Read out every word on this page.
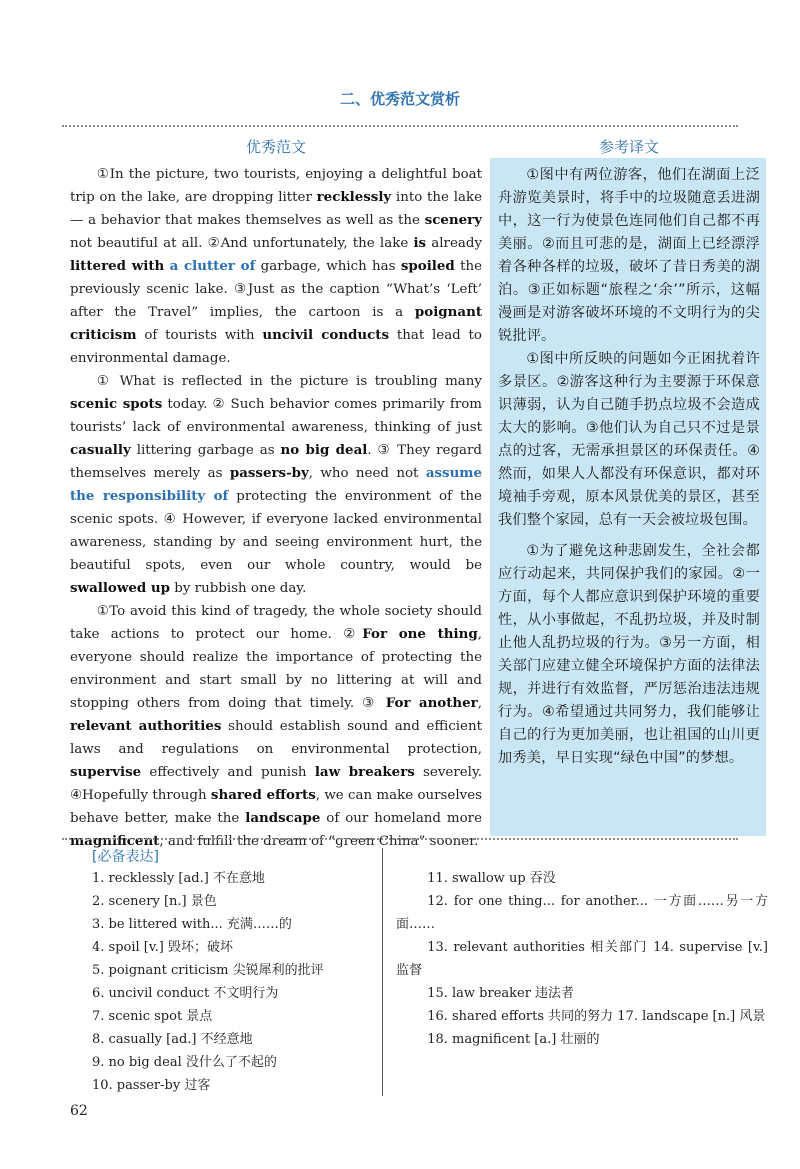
二、优秀范文赏析
优秀范文	参考译文

①In the picture, two tourists, enjoying a delightful boat trip on the lake, are dropping litter recklessly into the lake — a behavior that makes themselves as well as the scenery not beautiful at all. ②And unfortunately, the lake is already littered with a clutter of garbage, which has spoiled the previously scenic lake. ③Just as the caption “What’s ‘Left’ after the Travel” implies, the cartoon is a poignant criticism of tourists with uncivil conducts that lead to environmental damage.

① What is reflected in the picture is troubling many scenic spots today. ② Such behavior comes primarily from tourists’ lack of environmental awareness, thinking of just casually littering garbage as no big deal. ③ They regard themselves merely as passers-by, who need not assume the responsibility of protecting the environment of the scenic spots. ④ However, if everyone lacked environmental awareness, standing by and seeing environment hurt, the beautiful spots, even our whole country, would be swallowed up by rubbish one day.

①To avoid this kind of tragedy, the whole society should take actions to protect our home. ②For one thing, everyone should realize the importance of protecting the environment and start small by no littering at will and stopping others from doing that timely. ③ For another, relevant authorities should establish sound and efficient laws and regulations on environmental protection, supervise effectively and punish law breakers severely. ④Hopefully through shared efforts, we can make ourselves behave better, make the landscape of our homeland more magnificent, and fulfill the dream of “green China” sooner.

①图中有两位游客，他们在湖面上泛舟游览美景时，将手中的垃圾随意丢进湖中，这一行为使景色连同他们自己都不再美丽。②而且可悲的是，湖面上已经漂浮着各种各样的垃圾，破坏了昔日秀美的湖泊。③正如标题“旅程之‘余’”所示，这幅漫画是对游客破坏环境的不文明行为的尖锐批评。

①图中所反映的问题如今正困扰着许多景区。②游客这种行为主要源于环保意识薄弱，认为自己随手扔点垃圾不会造成太大的影响。③他们认为自己只不过是景点的过客，无需承担景区的环保责任。④然而，如果人人都没有环保意识，都对环境袖手旁观，原本风景优美的景区，甚至我们整个家园，总有一天会被垃圾包围。

①为了避免这种悲剧发生，全社会都应行动起来，共同保护我们的家园。②一方面，每个人都应意识到保护环境的重要性，从小事做起，不乱扔垃圾，并及时制止他人乱扔垃圾的行为。③另一方面，相关部门应建立健全环境保护方面的法律法规，并进行有效监督，严厉惩治违法违规行为。④希望通过共同努力，我们能够让自己的行为更加美丽，也让祖国的山川更加秀美，早日实现“绿色中国”的梦想。

[必备表达]
1. recklessly [ad.] 不在意地
2. scenery [n.] 景色
3. be littered with... 充满……的
4. spoil [v.] 毁坏；破坏
5. poignant criticism 尖锐犀利的批评
6. uncivil conduct 不文明行为
7. scenic spot 景点
8. casually [ad.] 不经意地
9. no big deal 没什么了不起的
10. passer-by 过客
11. swallow up 吞没
12. for one thing... for another... 一方面……另一方面……
13. relevant authorities 相关部门 14. supervise [v.] 监督
15. law breaker 违法者
16. shared efforts 共同的努力 17. landscape [n.] 风景
18. magnificent [a.] 壮丽的
62
